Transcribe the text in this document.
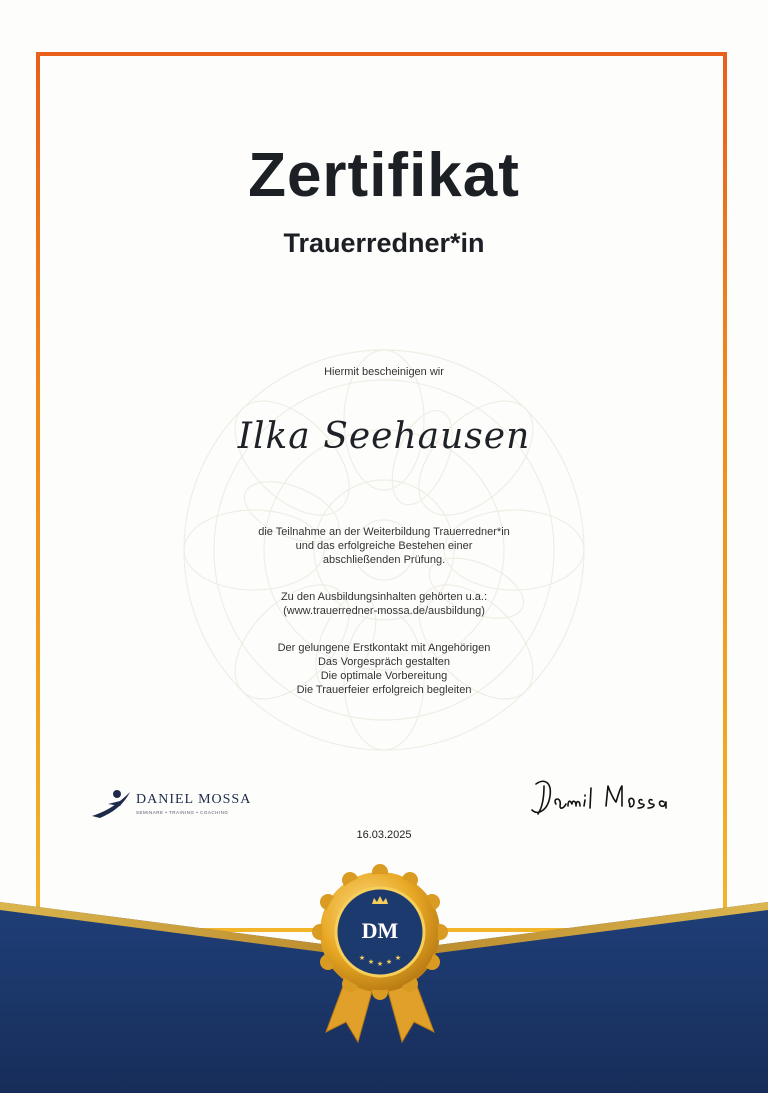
Zertifikat
Trauerredner*in
Hiermit bescheinigen wir
Ilka Seehausen
die Teilnahme an der Weiterbildung Trauerredner*in
und das erfolgreiche Bestehen einer
abschließenden Prüfung.
Zu den Ausbildungsinhalten gehörten u.a.:
(www.trauerredner-mossa.de/ausbildung)
Der gelungene Erstkontakt mit Angehörigen
Das Vorgespräch gestalten
Die optimale Vorbereitung
Die Trauerfeier erfolgreich begleiten
DANIEL MOSSA
SEMINARE • TRAINING • COACHING
16.03.2025
★ ★ ★ ★ ★
DM
